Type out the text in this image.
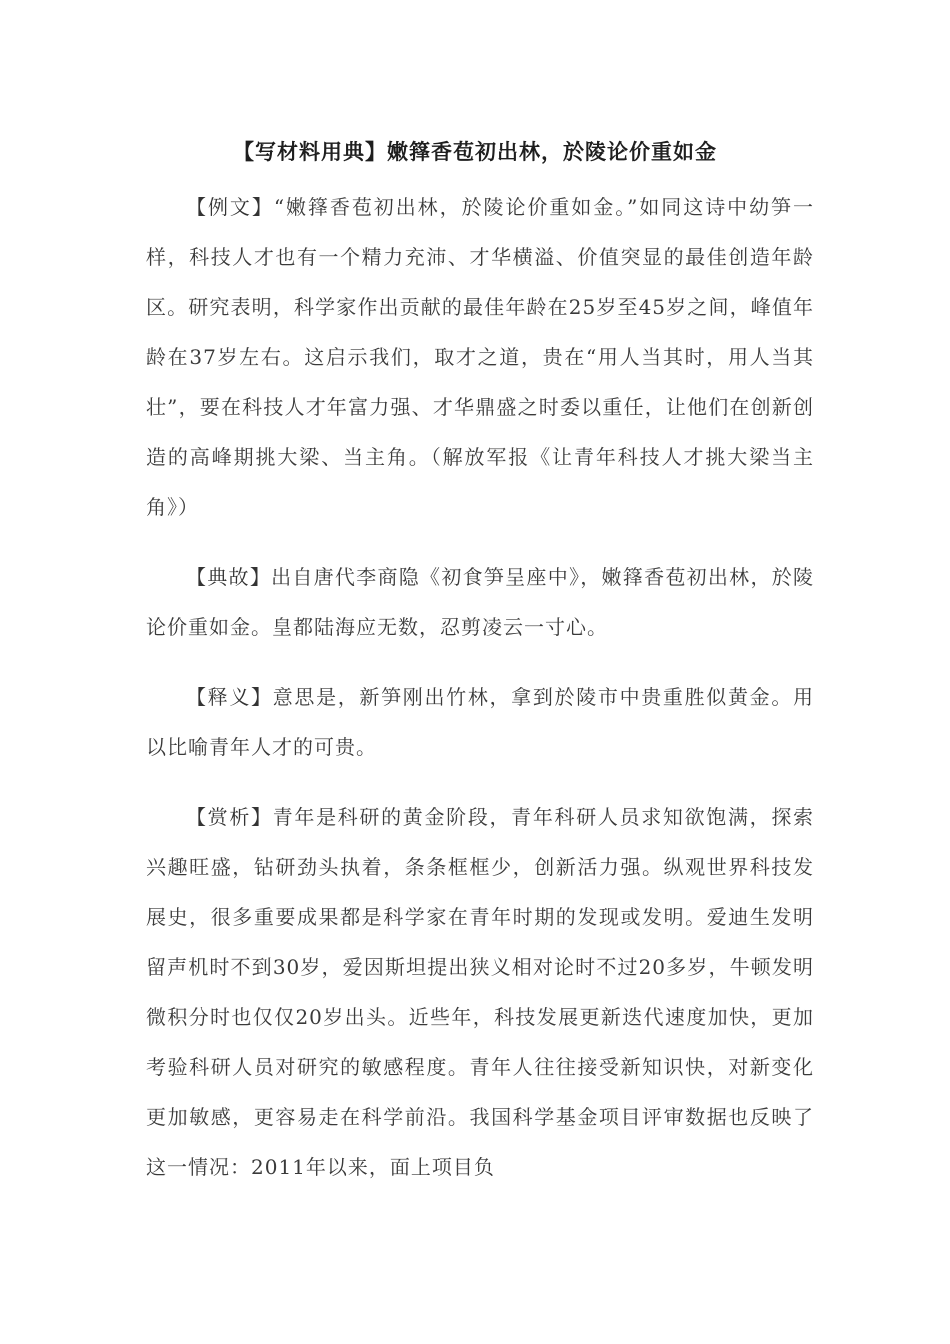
【写材料用典】嫩箨香苞初出林，於陵论价重如金

【例文】“嫩箨香苞初出林，於陵论价重如金。”如同这诗中幼笋一样，科技人才也有一个精力充沛、才华横溢、价值突显的最佳创造年龄区。研究表明，科学家作出贡献的最佳年龄在25岁至45岁之间，峰值年龄在37岁左右。这启示我们，取才之道，贵在“用人当其时，用人当其壮”，要在科技人才年富力强、才华鼎盛之时委以重任，让他们在创新创造的高峰期挑大梁、当主角。（解放军报《让青年科技人才挑大梁当主角》）

【典故】出自唐代李商隐《初食笋呈座中》，嫩箨香苞初出林，於陵论价重如金。皇都陆海应无数，忍剪凌云一寸心。

【释义】意思是，新笋刚出竹林，拿到於陵市中贵重胜似黄金。用以比喻青年人才的可贵。

【赏析】青年是科研的黄金阶段，青年科研人员求知欲饱满，探索兴趣旺盛，钻研劲头执着，条条框框少，创新活力强。纵观世界科技发展史，很多重要成果都是科学家在青年时期的发现或发明。爱迪生发明留声机时不到30岁，爱因斯坦提出狭义相对论时不过20多岁，牛顿发明微积分时也仅仅20岁出头。近些年，科技发展更新迭代速度加快，更加考验科研人员对研究的敏感程度。青年人往往接受新知识快，对新变化更加敏感，更容易走在科学前沿。我国科学基金项目评审数据也反映了这一情况：2011年以来，面上项目负
